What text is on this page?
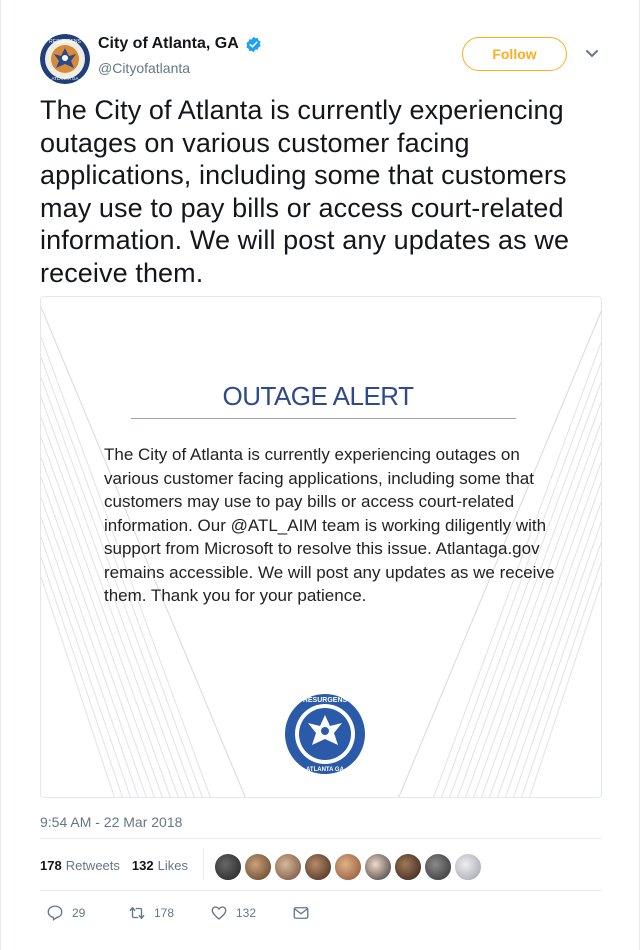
RESURGENS
ATLANTA GA
City of Atlanta, GA
@Cityofatlanta
Follow
The City of Atlanta is currently experiencing outages on various customer facing applications, including some that customers may use to pay bills or access court-related information. We will post any updates as we receive them.
OUTAGE ALERT
The City of Atlanta is currently experiencing outages on various customer facing applications, including some that customers may use to pay bills or access court-related information. Our @ATL_AIM team is working diligently with support from Microsoft to resolve this issue. Atlantaga.gov remains accessible. We will post any updates as we receive them. Thank you for your patience.
RESURGENS
ATLANTA GA
9:54 AM - 22 Mar 2018
178 Retweets 132 Likes
29	178	132
